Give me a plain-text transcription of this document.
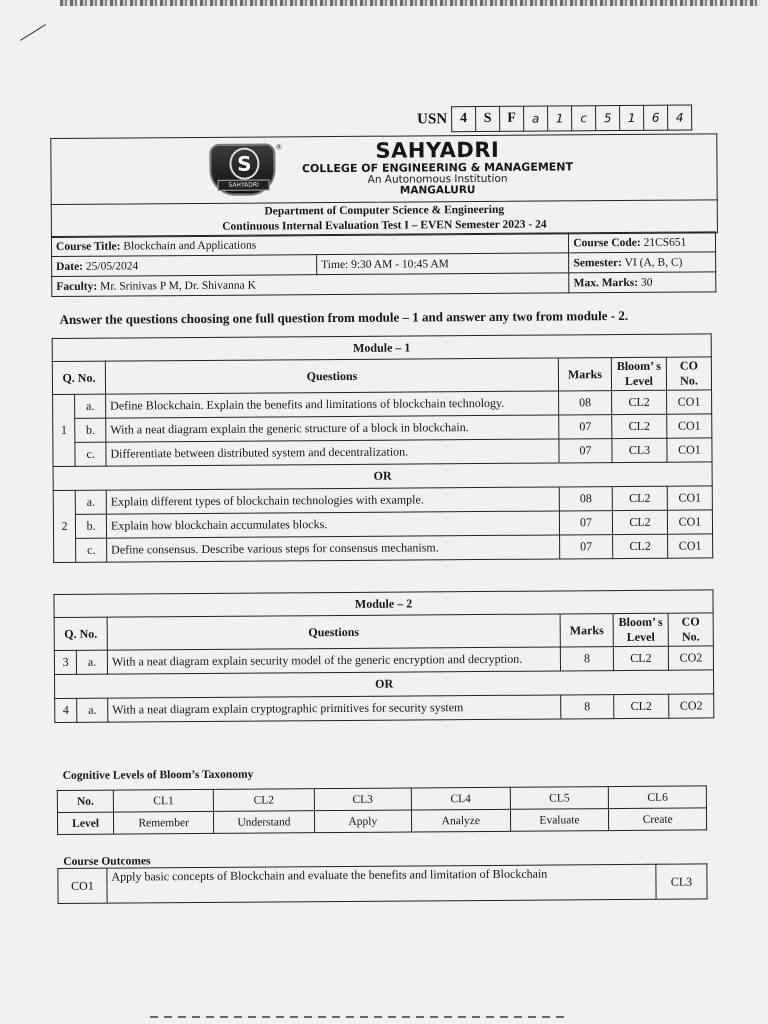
USN	4	S	F	a	1	c	5	1	6	4
S
SAHYADRI
®	SAHYADRI
COLLEGE OF ENGINEERING & MANAGEMENT
An Autonomous Institution
MANGALURU
Department of Computer Science & Engineering
Continuous Internal Evaluation Test I – EVEN Semester 2023 - 24
Course Title: Blockchain and Applications		Course Code: 21CS651
Date: 25/05/2024	Time: 9:30 AM - 10:45 AM	Semester: VI (A, B, C)
Faculty: Mr. Srinivas P M, Dr. Shivanna K		Max. Marks: 30
Answer the questions choosing one full question from module – 1 and answer any two from module - 2.
Module – 1					
Q. No.		Questions	Marks	Bloom’ s Level	CO No.
1	a.	Define Blockchain. Explain the benefits and limitations of blockchain technology.	08	CL2	CO1
	b.	With a neat diagram explain the generic structure of a block in blockchain.	07	CL2	CO1
	c.	Differentiate between distributed system and decentralization.	07	CL3	CO1
OR					
2	a.	Explain different types of blockchain technologies with example.	08	CL2	CO1
	b.	Explain how blockchain accumulates blocks.	07	CL2	CO1
	c.	Define consensus. Describe various steps for consensus mechanism.	07	CL2	CO1
Module – 2					
Q. No.		Questions	Marks	Bloom’ s Level	CO No.
3	a.	With a neat diagram explain security model of the generic encryption and decryption.	8	CL2	CO2
OR					
4	a.	With a neat diagram explain cryptographic primitives for security system	8	CL2	CO2
Cognitive Levels of Bloom’s Taxonomy
No.	CL1	CL2	CL3	CL4	CL5	CL6
Level	Remember	Understand	Apply	Analyze	Evaluate	Create
Course Outcomes
CO1	Apply basic concepts of Blockchain and evaluate the benefits and limitation of Blockchain	CL3
